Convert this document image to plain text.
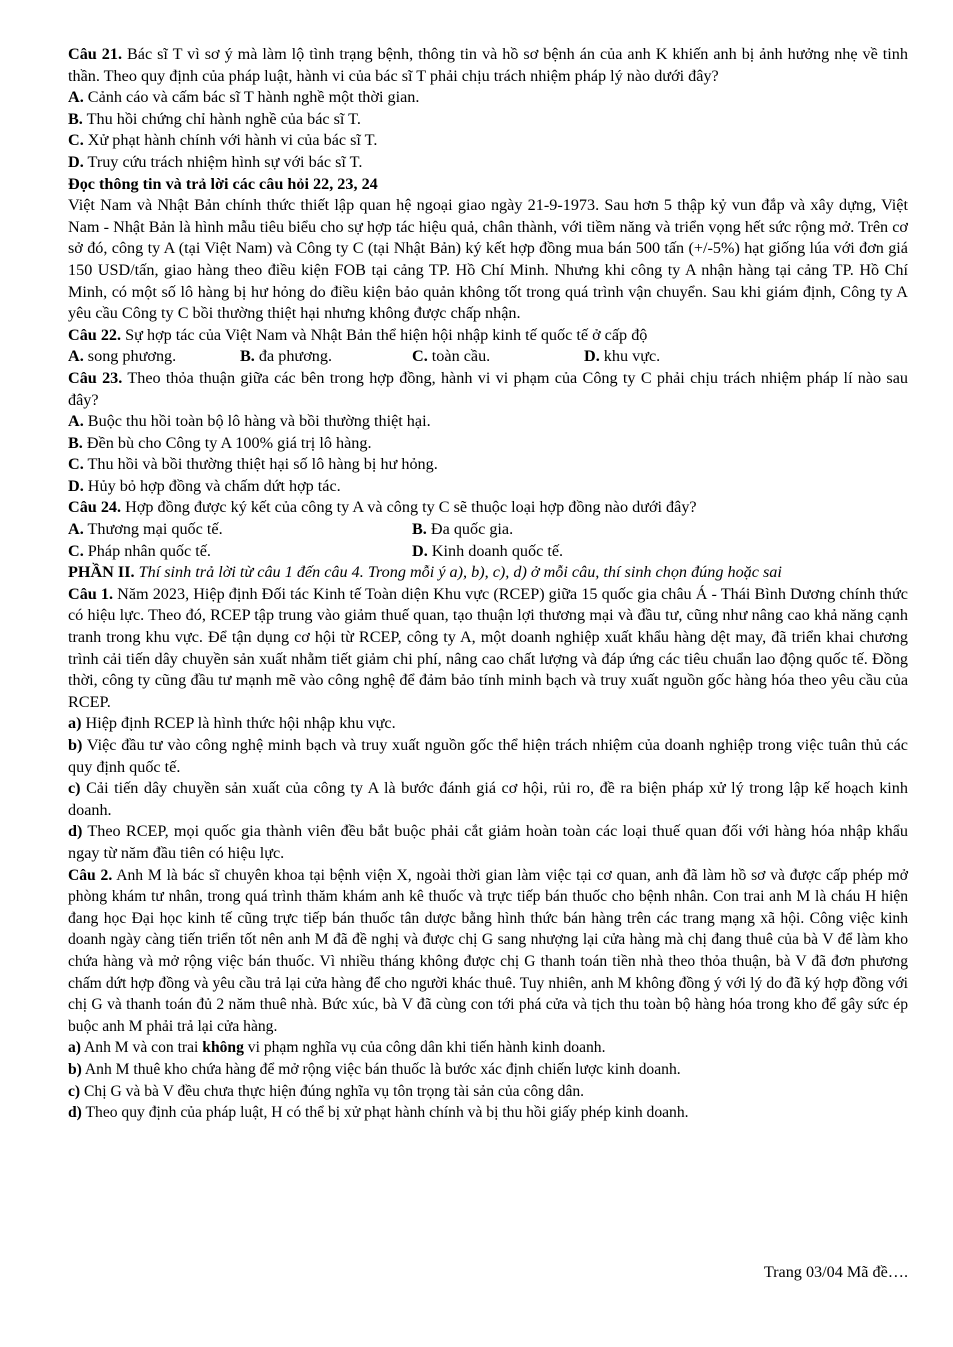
Câu 21. Bác sĩ T vì sơ ý mà làm lộ tình trạng bệnh, thông tin và hồ sơ bệnh án của anh K khiến anh bị ảnh hưởng nhẹ về tinh thần. Theo quy định của pháp luật, hành vi của bác sĩ T phải chịu trách nhiệm pháp lý nào dưới đây?

A. Cảnh cáo và cấm bác sĩ T hành nghề một thời gian.

B. Thu hồi chứng chỉ hành nghề của bác sĩ T.

C. Xử phạt hành chính với hành vi của bác sĩ T.

D. Truy cứu trách nhiệm hình sự với bác sĩ T.

Đọc thông tin và trả lời các câu hỏi 22, 23, 24

Việt Nam và Nhật Bản chính thức thiết lập quan hệ ngoại giao ngày 21-9-1973. Sau hơn 5 thập kỷ vun đắp và xây dựng, Việt Nam - Nhật Bản là hình mẫu tiêu biểu cho sự hợp tác hiệu quả, chân thành, với tiềm năng và triển vọng hết sức rộng mở. Trên cơ sở đó, công ty A (tại Việt Nam) và Công ty C (tại Nhật Bản) ký kết hợp đồng mua bán 500 tấn (+/-5%) hạt giống lúa với đơn giá 150 USD/tấn, giao hàng theo điều kiện FOB tại cảng TP. Hồ Chí Minh. Nhưng khi công ty A nhận hàng tại cảng TP. Hồ Chí Minh, có một số lô hàng bị hư hỏng do điều kiện bảo quản không tốt trong quá trình vận chuyển. Sau khi giám định, Công ty A yêu cầu Công ty C bồi thường thiệt hại nhưng không được chấp nhận.

Câu 22. Sự hợp tác của Việt Nam và Nhật Bản thể hiện hội nhập kinh tế quốc tế ở cấp độ

A. song phương.	B. đa phương.	C. toàn cầu.	D. khu vực.

Câu 23. Theo thỏa thuận giữa các bên trong hợp đồng, hành vi vi phạm của Công ty C phải chịu trách nhiệm pháp lí nào sau đây?

A. Buộc thu hồi toàn bộ lô hàng và bồi thường thiệt hại.

B. Đền bù cho Công ty A 100% giá trị lô hàng.

C. Thu hồi và bồi thường thiệt hại số lô hàng bị hư hỏng.

D. Hủy bỏ hợp đồng và chấm dứt hợp tác.

Câu 24. Hợp đồng được ký kết của công ty A và công ty C sẽ thuộc loại hợp đồng nào dưới đây?

A. Thương mại quốc tế.	B. Đa quốc gia.
C. Pháp nhân quốc tế.	D. Kinh doanh quốc tế.

PHẦN II. Thí sinh trả lời từ câu 1 đến câu 4. Trong mỗi ý a), b), c), d) ở mỗi câu, thí sinh chọn đúng hoặc sai

Câu 1. Năm 2023, Hiệp định Đối tác Kinh tế Toàn diện Khu vực (RCEP) giữa 15 quốc gia châu Á - Thái Bình Dương chính thức có hiệu lực. Theo đó, RCEP tập trung vào giảm thuế quan, tạo thuận lợi thương mại và đầu tư, cũng như nâng cao khả năng cạnh tranh trong khu vực. Để tận dụng cơ hội từ RCEP, công ty A, một doanh nghiệp xuất khẩu hàng dệt may, đã triển khai chương trình cải tiến dây chuyền sản xuất nhằm tiết giảm chi phí, nâng cao chất lượng và đáp ứng các tiêu chuẩn lao động quốc tế. Đồng thời, công ty cũng đầu tư mạnh mẽ vào công nghệ để đảm bảo tính minh bạch và truy xuất nguồn gốc hàng hóa theo yêu cầu của RCEP.

a) Hiệp định RCEP là hình thức hội nhập khu vực.

b) Việc đầu tư vào công nghệ minh bạch và truy xuất nguồn gốc thể hiện trách nhiệm của doanh nghiệp trong việc tuân thủ các quy định quốc tế.

c) Cải tiến dây chuyền sản xuất của công ty A là bước đánh giá cơ hội, rủi ro, đề ra biện pháp xử lý trong lập kế hoạch kinh doanh.

d) Theo RCEP, mọi quốc gia thành viên đều bắt buộc phải cắt giảm hoàn toàn các loại thuế quan đối với hàng hóa nhập khẩu ngay từ năm đầu tiên có hiệu lực.

Câu 2. Anh M là bác sĩ chuyên khoa tại bệnh viện X, ngoài thời gian làm việc tại cơ quan, anh đã làm hồ sơ và được cấp phép mở phòng khám tư nhân, trong quá trình thăm khám anh kê thuốc và trực tiếp bán thuốc cho bệnh nhân. Con trai anh M là cháu H hiện đang học Đại học kinh tế cũng trực tiếp bán thuốc tân dược bằng hình thức bán hàng trên các trang mạng xã hội. Công việc kinh doanh ngày càng tiến triển tốt nên anh M đã đề nghị và được chị G sang nhượng lại cửa hàng mà chị đang thuê của bà V để làm kho chứa hàng và mở rộng việc bán thuốc. Vì nhiều tháng không được chị G thanh toán tiền nhà theo thỏa thuận, bà V đã đơn phương chấm dứt hợp đồng và yêu cầu trả lại cửa hàng để cho người khác thuê. Tuy nhiên, anh M không đồng ý với lý do đã ký hợp đồng với chị G và thanh toán đủ 2 năm thuê nhà. Bức xúc, bà V đã cùng con tới phá cửa và tịch thu toàn bộ hàng hóa trong kho để gây sức ép buộc anh M phải trả lại cửa hàng.

a) Anh M và con trai không vi phạm nghĩa vụ của công dân khi tiến hành kinh doanh.

b) Anh M thuê kho chứa hàng để mở rộng việc bán thuốc là bước xác định chiến lược kinh doanh.

c) Chị G và bà V đều chưa thực hiện đúng nghĩa vụ tôn trọng tài sản của công dân.

d) Theo quy định của pháp luật, H có thể bị xử phạt hành chính và bị thu hồi giấy phép kinh doanh.

Trang 03/04 Mã đề….
